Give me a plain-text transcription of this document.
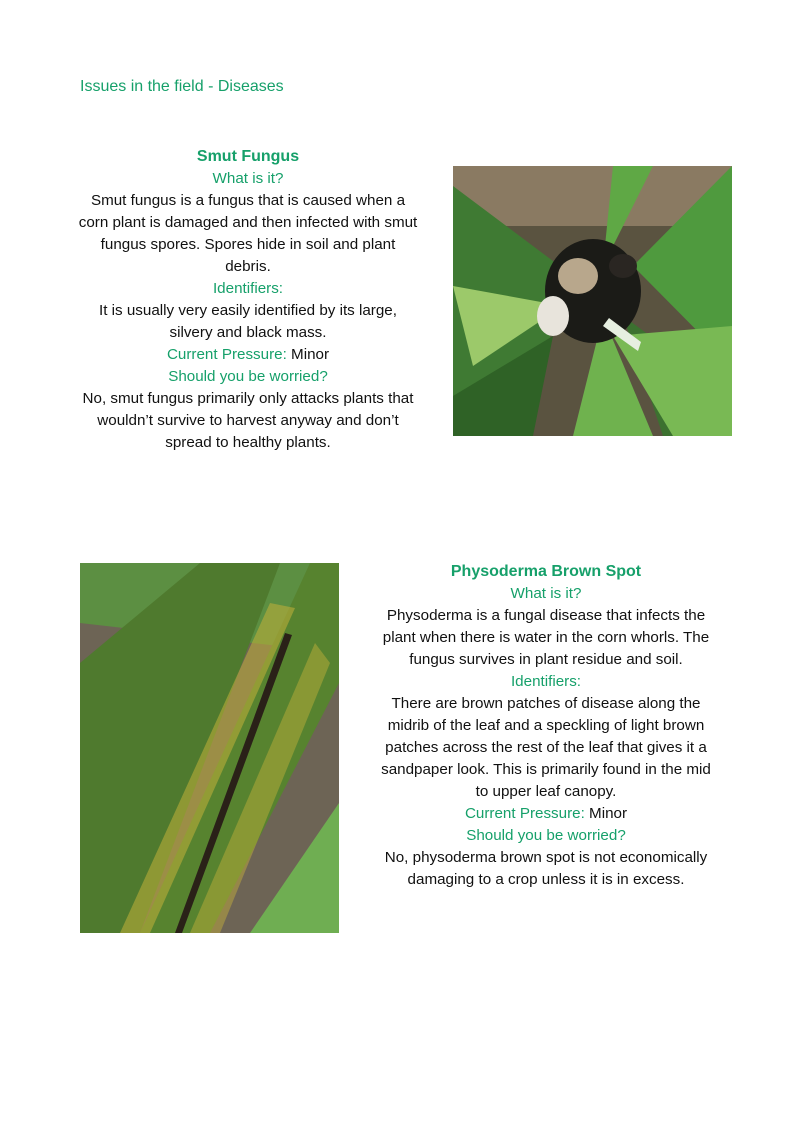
Issues in the field - Diseases
Smut Fungus
What is it?

Smut fungus is a fungus that is caused when a corn plant is damaged and then infected with smut fungus spores. Spores hide in soil and plant debris.

Identifiers:

It is usually very easily identified by its large, silvery and black mass.

Current Pressure: Minor
Should you be worried?

No, smut fungus primarily only attacks plants that wouldn’t survive to harvest anyway and don’t spread to healthy plants.

Physoderma Brown Spot
What is it?

Physoderma is a fungal disease that infects the plant when there is water in the corn whorls. The fungus survives in plant residue and soil.

Identifiers:

There are brown patches of disease along the midrib of the leaf and a speckling of light brown patches across the rest of the leaf that gives it a sandpaper look. This is primarily found in the mid to upper leaf canopy.

Current Pressure: Minor
Should you be worried?

No, physoderma brown spot is not economically damaging to a crop unless it is in excess.
